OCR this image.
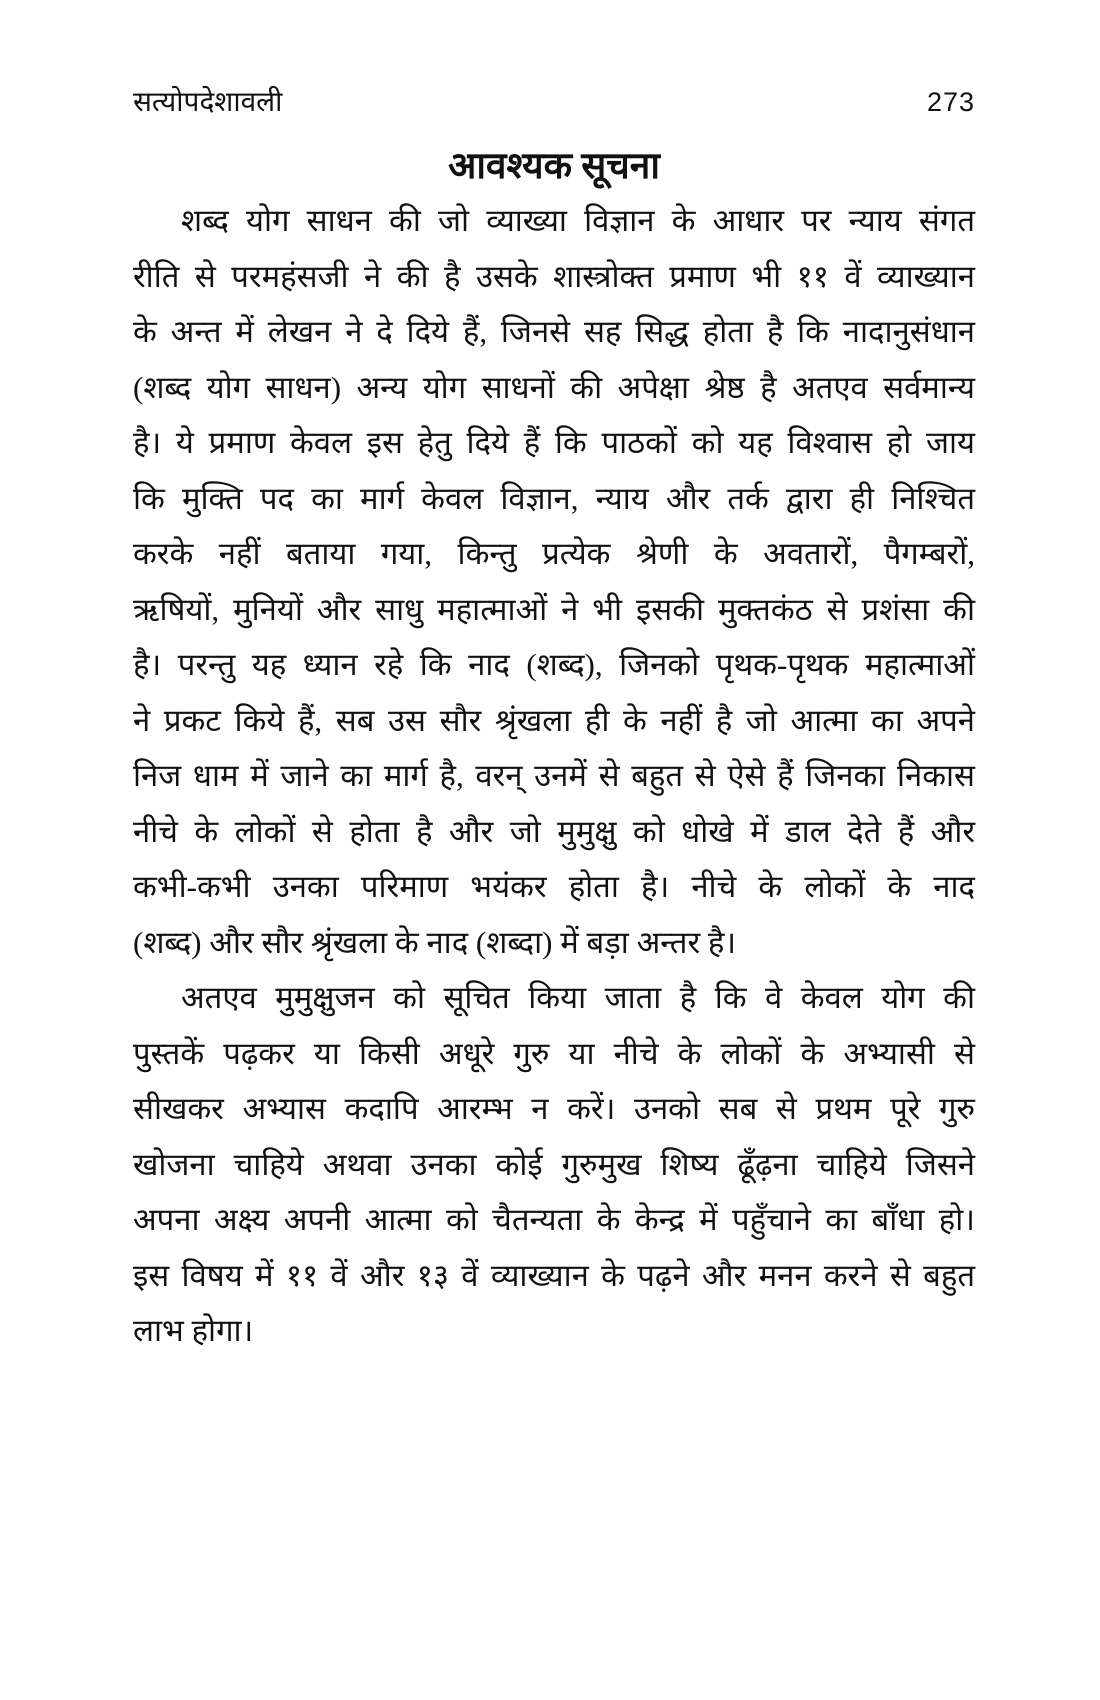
सत्योपदेशावली	273
आवश्यक सूचना
शब्द योग साधन की जो व्याख्या विज्ञान के आधार पर न्याय संगत
रीति से परमहंसजी ने की है उसके शास्त्रोक्त प्रमाण भी ११ वें व्याख्यान
के अन्त में लेखन ने दे दिये हैं, जिनसे सह सिद्ध होता है कि नादानुसंधान
(शब्द योग साधन) अन्य योग साधनों की अपेक्षा श्रेष्ठ है अतएव सर्वमान्य
है। ये प्रमाण केवल इस हेतु दिये हैं कि पाठकों को यह विश्वास हो जाय
कि मुक्ति पद का मार्ग केवल विज्ञान, न्याय और तर्क द्वारा ही निश्चित
करके नहीं बताया गया, किन्तु प्रत्येक श्रेणी के अवतारों, पैगम्बरों,
ऋषियों, मुनियों और साधु महात्माओं ने भी इसकी मुक्तकंठ से प्रशंसा की
है। परन्तु यह ध्यान रहे कि नाद (शब्द), जिनको पृथक-पृथक महात्माओं
ने प्रकट किये हैं, सब उस सौर श्रृंखला ही के नहीं है जो आत्मा का अपने
निज धाम में जाने का मार्ग है, वरन् उनमें से बहुत से ऐसे हैं जिनका निकास
नीचे के लोकों से होता है और जो मुमुक्षु को धोखे में डाल देते हैं और
कभी-कभी उनका परिमाण भयंकर होता है। नीचे के लोकों के नाद
(शब्द) और सौर श्रृंखला के नाद (शब्दा) में बड़ा अन्तर है।
अतएव मुमुक्षुजन को सूचित किया जाता है कि वे केवल योग की
पुस्तकें पढ़कर या किसी अधूरे गुरु या नीचे के लोकों के अभ्यासी से
सीखकर अभ्यास कदापि आरम्भ न करें। उनको सब से प्रथम पूरे गुरु
खोजना चाहिये अथवा उनका कोई गुरुमुख शिष्य ढूँढ़ना चाहिये जिसने
अपना अक्ष्य अपनी आत्मा को चैतन्यता के केन्द्र में पहुँचाने का बाँधा हो।
इस विषय में ११ वें और १३ वें व्याख्यान के पढ़ने और मनन करने से बहुत
लाभ होगा।
